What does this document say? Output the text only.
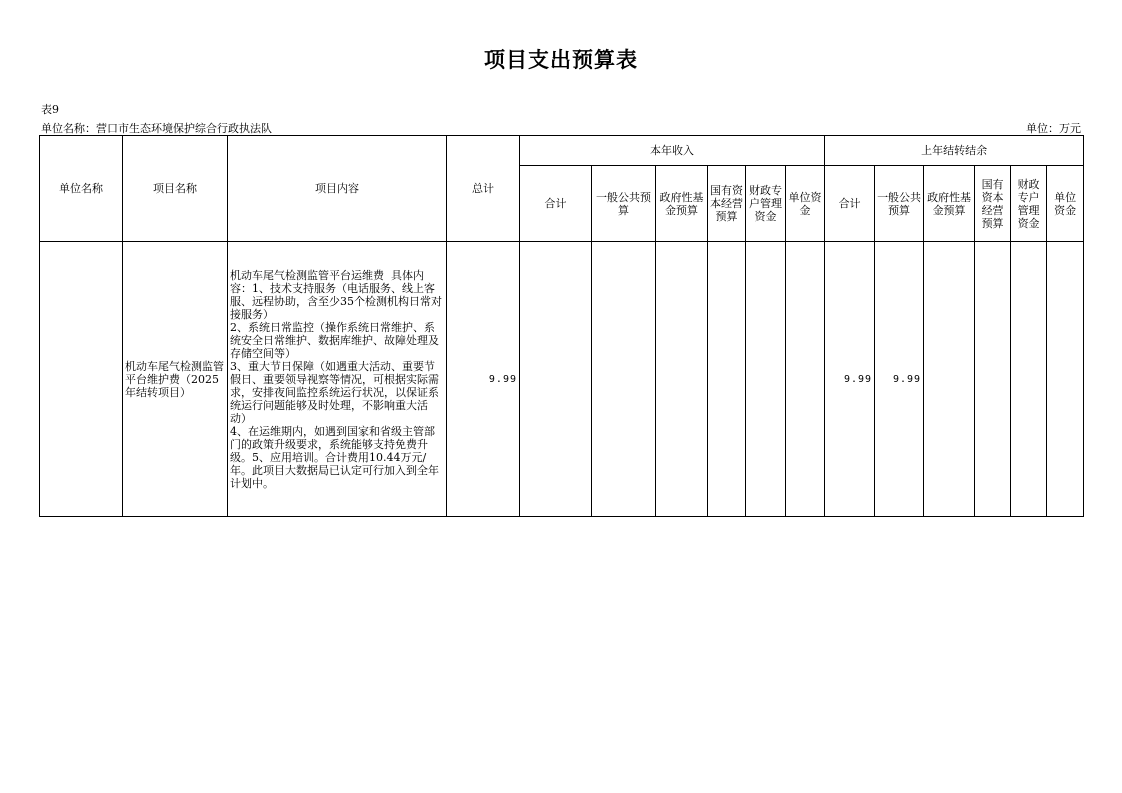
项目支出预算表
表9
单位名称：营口市生态环境保护综合行政执法队	单位：万元
单位名称	项目名称	项目内容	总计	本年收入						上年结转结余					
				合计	一般公共预算	政府性基金预算	国有资本经营预算	财政专户管理资金	单位资金	合计	一般公共预算	政府性基金预算	国有资本经营预算	财政专户管理资金	单位资金
	机动车尾气检测监管平台维护费（2025年结转项目）	机动车尾气检测监管平台运维费  具体内容：1、技术支持服务（电话服务、线上客服、远程协助，含至少35个检测机构日常对接服务）
2、系统日常监控（操作系统日常维护、系统安全日常维护、数据库维护、故障处理及存储空间等）
3、重大节日保障（如遇重大活动、重要节假日、重要领导视察等情况，可根据实际需求，安排夜间监控系统运行状况，以保证系统运行问题能够及时处理，不影响重大活动）
4、在运维期内，如遇到国家和省级主管部门的政策升级要求，系统能够支持免费升级。5、应用培训。合计费用10.44万元/年。此项目大数据局已认定可行加入到全年计划中。	9.99							9.99	9.99				
